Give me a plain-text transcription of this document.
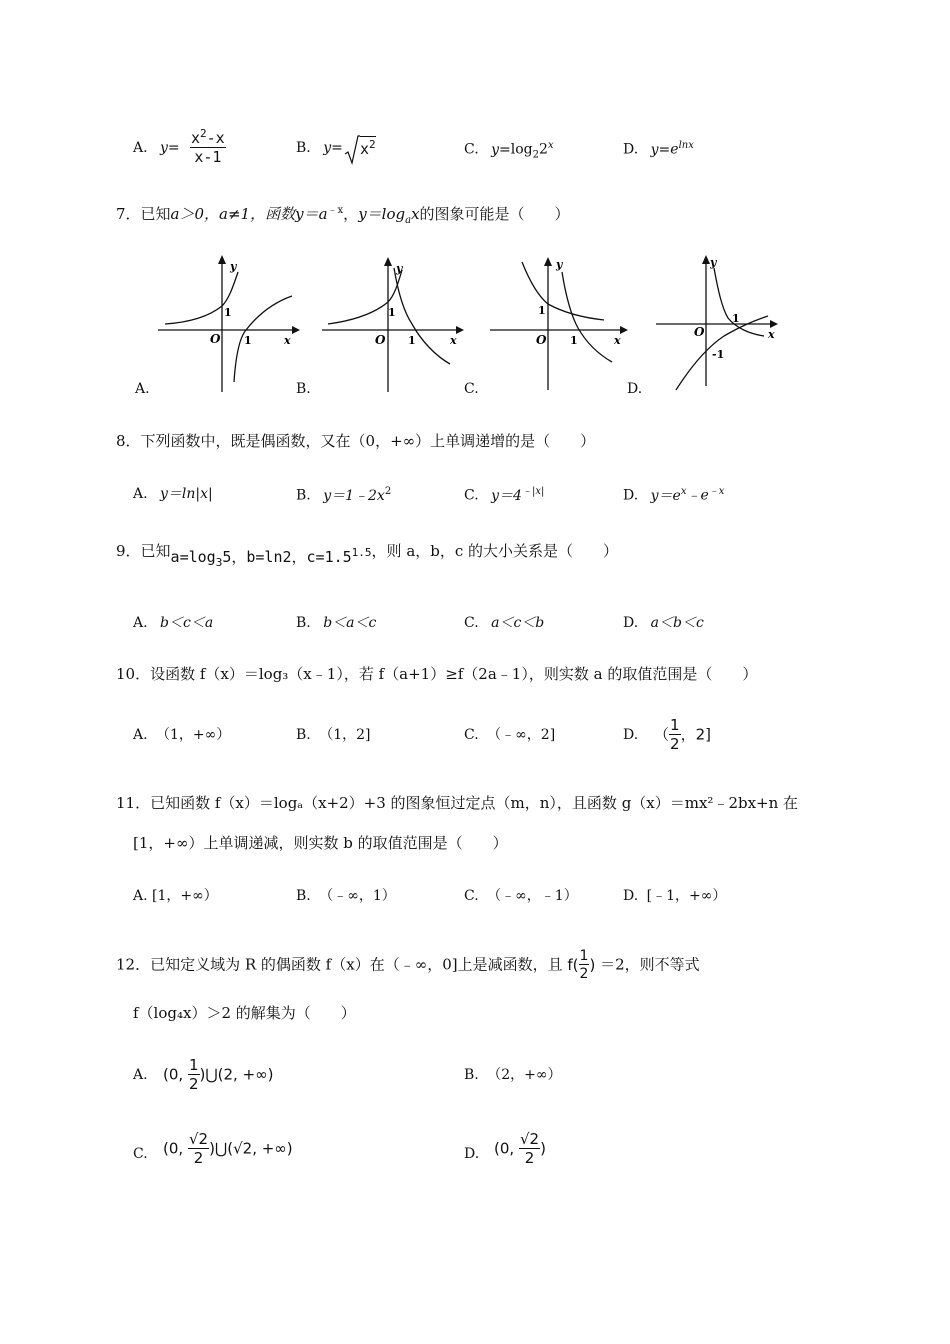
A. $y= \frac{x^2-x}{x-1}$	B. $y= x^2$	C. $y=\log_22^x$	D. $y=e^{lnx}$
7．已知a＞0，a≠1，函数$y=a^{﹣x}$，$y=\log_ax$的图象可能是（　　）
y
x
O
1
1
A.
y
x
O
1
1
B.
y
x
O
1
1
C.
y
x
O
1
-1
D.
8．下列函数中，既是偶函数，又在（0，+∞）上单调递增的是（　　）
A. y＝ln|x|	B. $y=1﹣2x^2$	C. $y=4^{﹣|x|}$	D. $y=e^x﹣e^{﹣x}$
9．已知$a=\log_35$，b=ln2，$c=1.5^{1.5}$，则 a，b，c 的大小关系是（　　）
A. b＜c＜a	B. b＜a＜c	C. a＜c＜b	D. a＜b＜c
10．设函数 f（x）＝log₃（x﹣1），若 f（a+1）≥f（2a﹣1），则实数 a 的取值范围是（　　）
A. （1，+∞）	B. （1，2]	C. （﹣∞，2]	D. （ $\frac{1}{2}$ ，2]
11．已知函数 f（x）＝logₐ（x+2）+3 的图象恒过定点（m，n），且函数 g（x）＝mx²﹣2bx+n 在
[1，+∞）上单调递减，则实数 b 的取值范围是（　　）
A. [1，+∞）	B. （﹣∞，1）	C. （﹣∞，﹣1）	D. [﹣1，+∞）
12．已知定义域为 R 的偶函数 f（x）在（﹣∞，0]上是减函数，且 $f( \frac{1}{2}$ ) ＝2，则不等式
f（log₄x）＞2 的解集为（　　）
A. (0, $\frac{1}{2}$ )⋃(2, +∞)	B. （2，+∞）
C. (0, $\frac{√2}{2}$ )⋃(√2, +∞)	D. (0, $\frac{√2}{2}$ )
